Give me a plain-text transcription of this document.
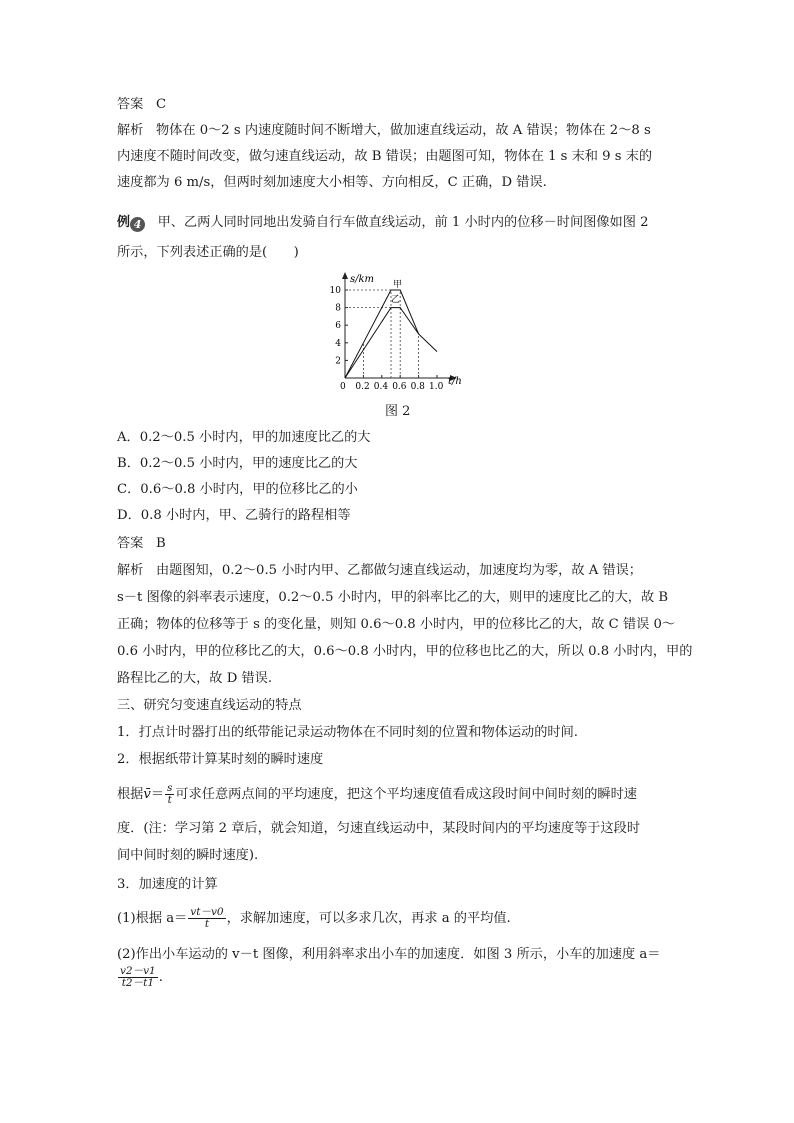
答案 C
解析 物体在 0～2 s 内速度随时间不断增大，做加速直线运动，故 A 错误；物体在 2～8 s
内速度不随时间改变，做匀速直线运动，故 B 错误；由题图可知，物体在 1 s 末和 9 s 末的
速度都为 6 m/s，但两时刻加速度大小相等、方向相反，C 正确，D 错误.
例 4 甲、乙两人同时同地出发骑自行车做直线运动，前 1 小时内的位移－时间图像如图 2
所示，下列表述正确的是(　　)
0 0.2 0.4 0.6 0.8 1.0
2
4
6
8
10
s/km
t/h
甲
乙
图 2
A．0.2～0.5 小时内，甲的加速度比乙的大
B．0.2～0.5 小时内，甲的速度比乙的大
C．0.6～0.8 小时内，甲的位移比乙的小
D．0.8 小时内，甲、乙骑行的路程相等
答案 B
解析 由题图知，0.2～0.5 小时内甲、乙都做匀速直线运动，加速度均为零，故 A 错误；
s－t 图像的斜率表示速度，0.2～0.5 小时内，甲的斜率比乙的大，则甲的速度比乙的大，故 B
正确；物体的位移等于 s 的变化量，则知 0.6～0.8 小时内，甲的位移比乙的大，故 C 错误 0～
0.6 小时内，甲的位移比乙的大，0.6～0.8 小时内，甲的位移也比乙的大，所以 0.8 小时内，甲的
路程比乙的大，故 D 错误.
三、研究匀变速直线运动的特点
1．打点计时器打出的纸带能记录运动物体在不同时刻的位置和物体运动的时间.
2．根据纸带计算某时刻的瞬时速度
根据v̄＝ $\frac{s}{t}$ 可求任意两点间的平均速度，把这个平均速度值看成这段时间中间时刻的瞬时速
度．(注：学习第 2 章后，就会知道，匀速直线运动中，某段时间内的平均速度等于这段时
间中间时刻的瞬时速度).
3．加速度的计算
(1)根据 $a= \frac{vt-v0}{t}$ ，求解加速度，可以多求几次，再求 a 的平均值.
(2)作出小车运动的 v－t 图像，利用斜率求出小车的加速度．如图 3 所示，小车的加速度 a＝
$\frac{v2-v1}{t2-t1}$ .
